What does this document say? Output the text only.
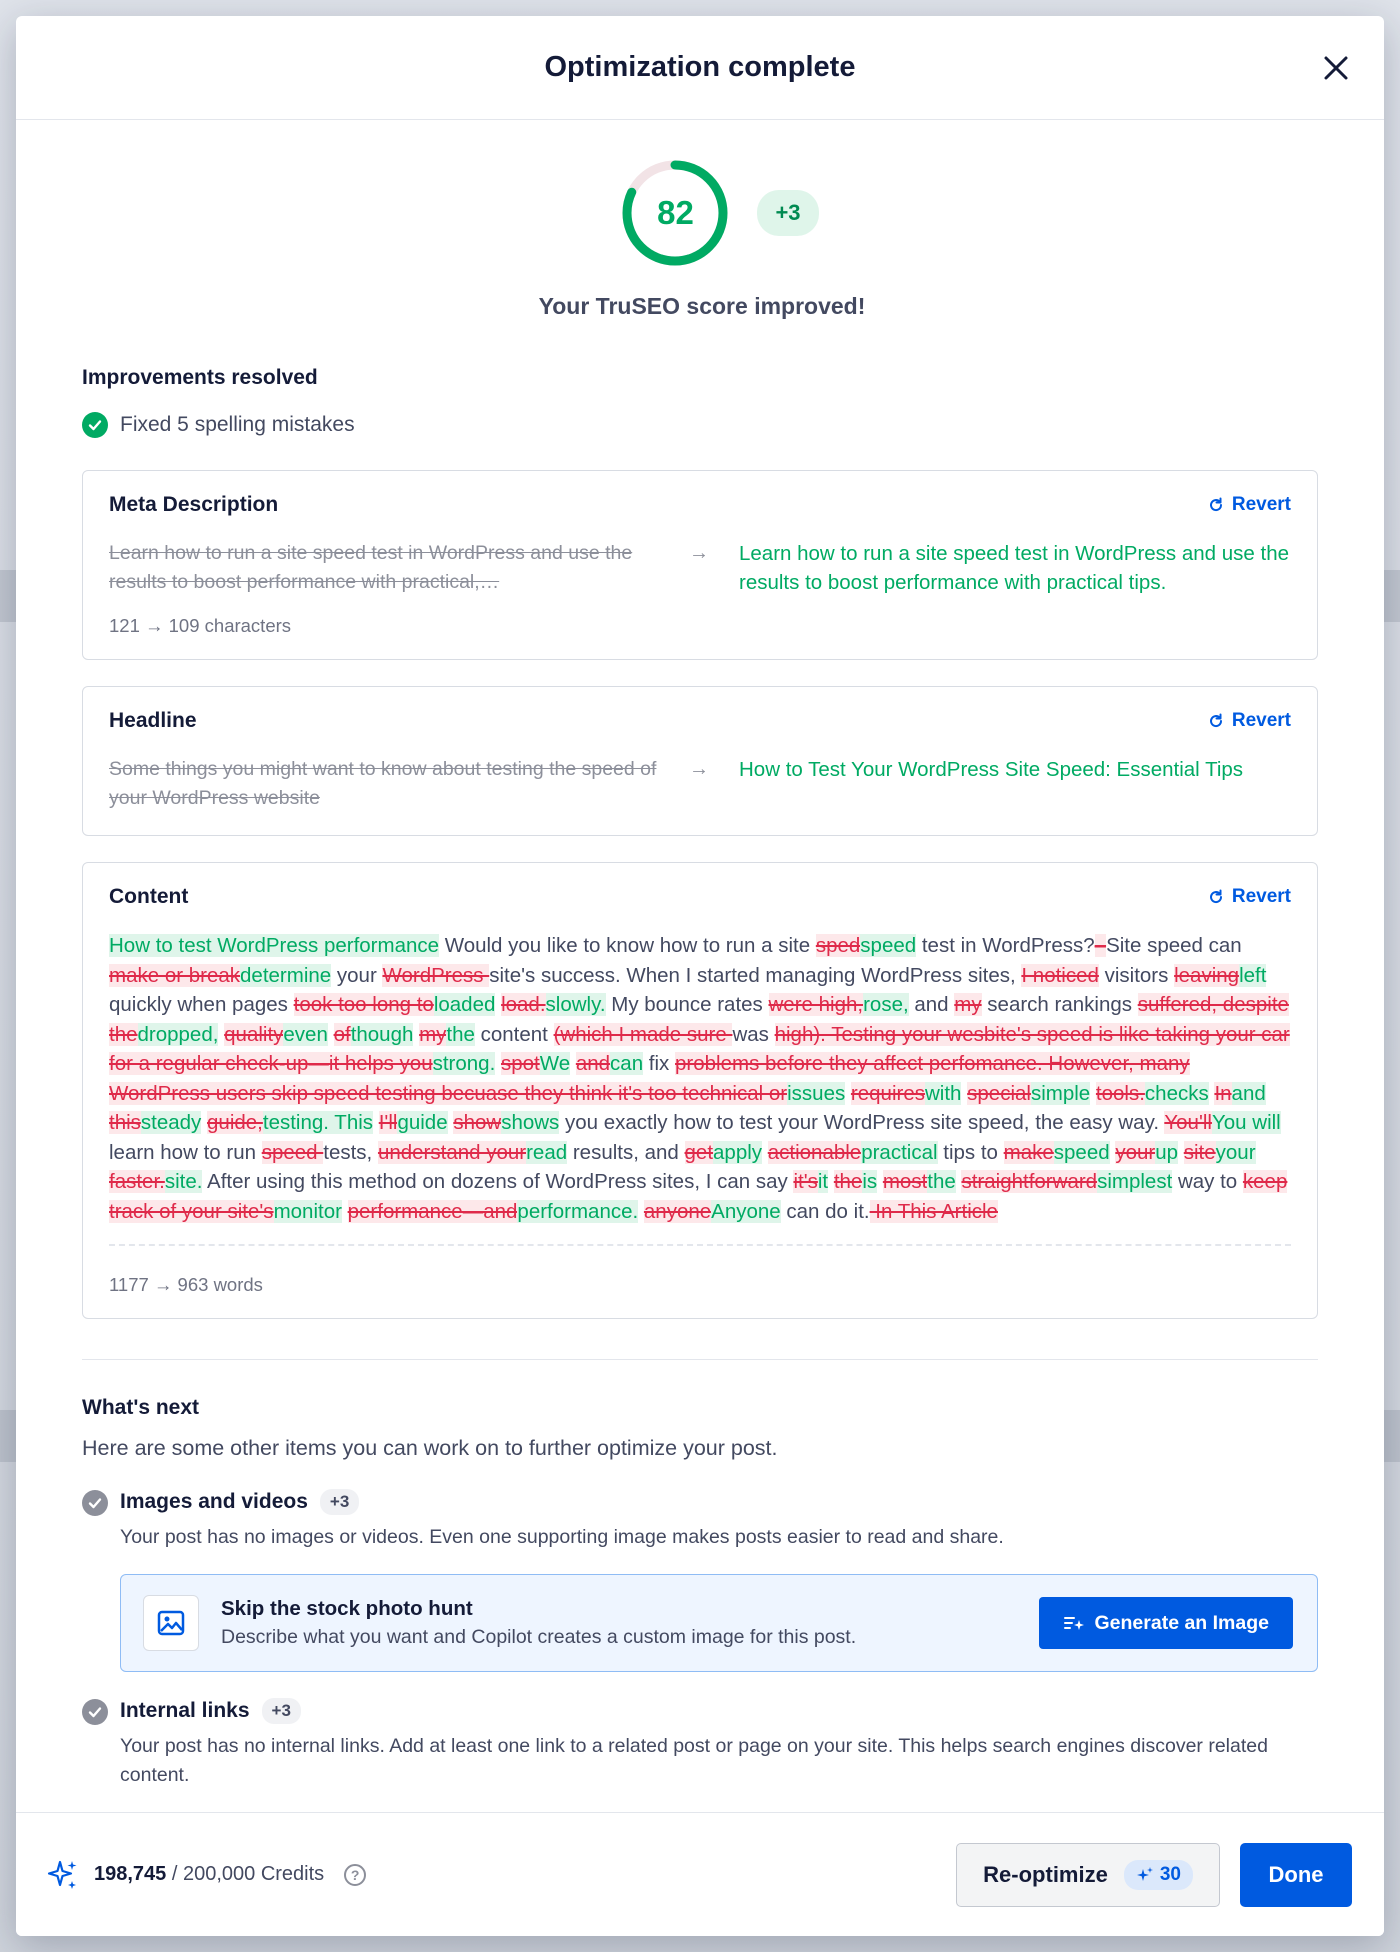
Optimization complete
82	+3
Your TruSEO score improved!
Improvements resolved
Fixed 5 spelling mistakes
Meta Description	Revert
Learn how to run a site speed test in WordPress and use the results to boost performance with practical,…
→	Learn how to run a site speed test in WordPress and use the results to boost performance with practical tips.
121 → 109 characters
Headline	Revert
Some things you might want to know about testing the speed of your WordPress website
→	How to Test Your WordPress Site Speed: Essential Tips
Content	Revert
How to test WordPress performance Would you like to know how to run a site spedspeed test in WordPress?–Site speed can make or breakdetermine your WordPress site's success. When I started managing WordPress sites, I noticed visitors leavingleft quickly when pages took too long toloaded load.slowly. My bounce rates were high,rose, and my search rankings suffered, despite thedropped, qualityeven ofthough mythe content (which I made sure was high). Testing your wesbite's speed is like taking your car for a regular check-up—it helps youstrong. spotWe andcan fix problems before they affect perfomance. However, many WordPress users skip speed testing becuase they think it's too technical orissues requireswith specialsimple tools.checks Inand thissteady guide,testing. This I'llguide showshows you exactly how to test your WordPress site speed, the easy way. You'llYou will learn how to run speed tests, understand yourread results, and getapply actionablepractical tips to makespeed yourup siteyour faster.site. After using this method on dozens of WordPress sites, I can say it'sit theis mostthe straightforwardsimplest way to keep track of your site'smonitor performance—andperformance. anyoneAnyone can do it. In This Article
1177 → 963 words
What's next
Here are some other items you can work on to further optimize your post.
Images and videos	+3
Your post has no images or videos. Even one supporting image makes posts easier to read and share.
Skip the stock photo hunt
Describe what you want and Copilot creates a custom image for this post.
Generate an Image
Internal links	+3
Your post has no internal links. Add at least one link to a related post or page on your site. This helps search engines discover related content.
198,745 / 200,000 Credits	?	Re-optimize	30	Done
